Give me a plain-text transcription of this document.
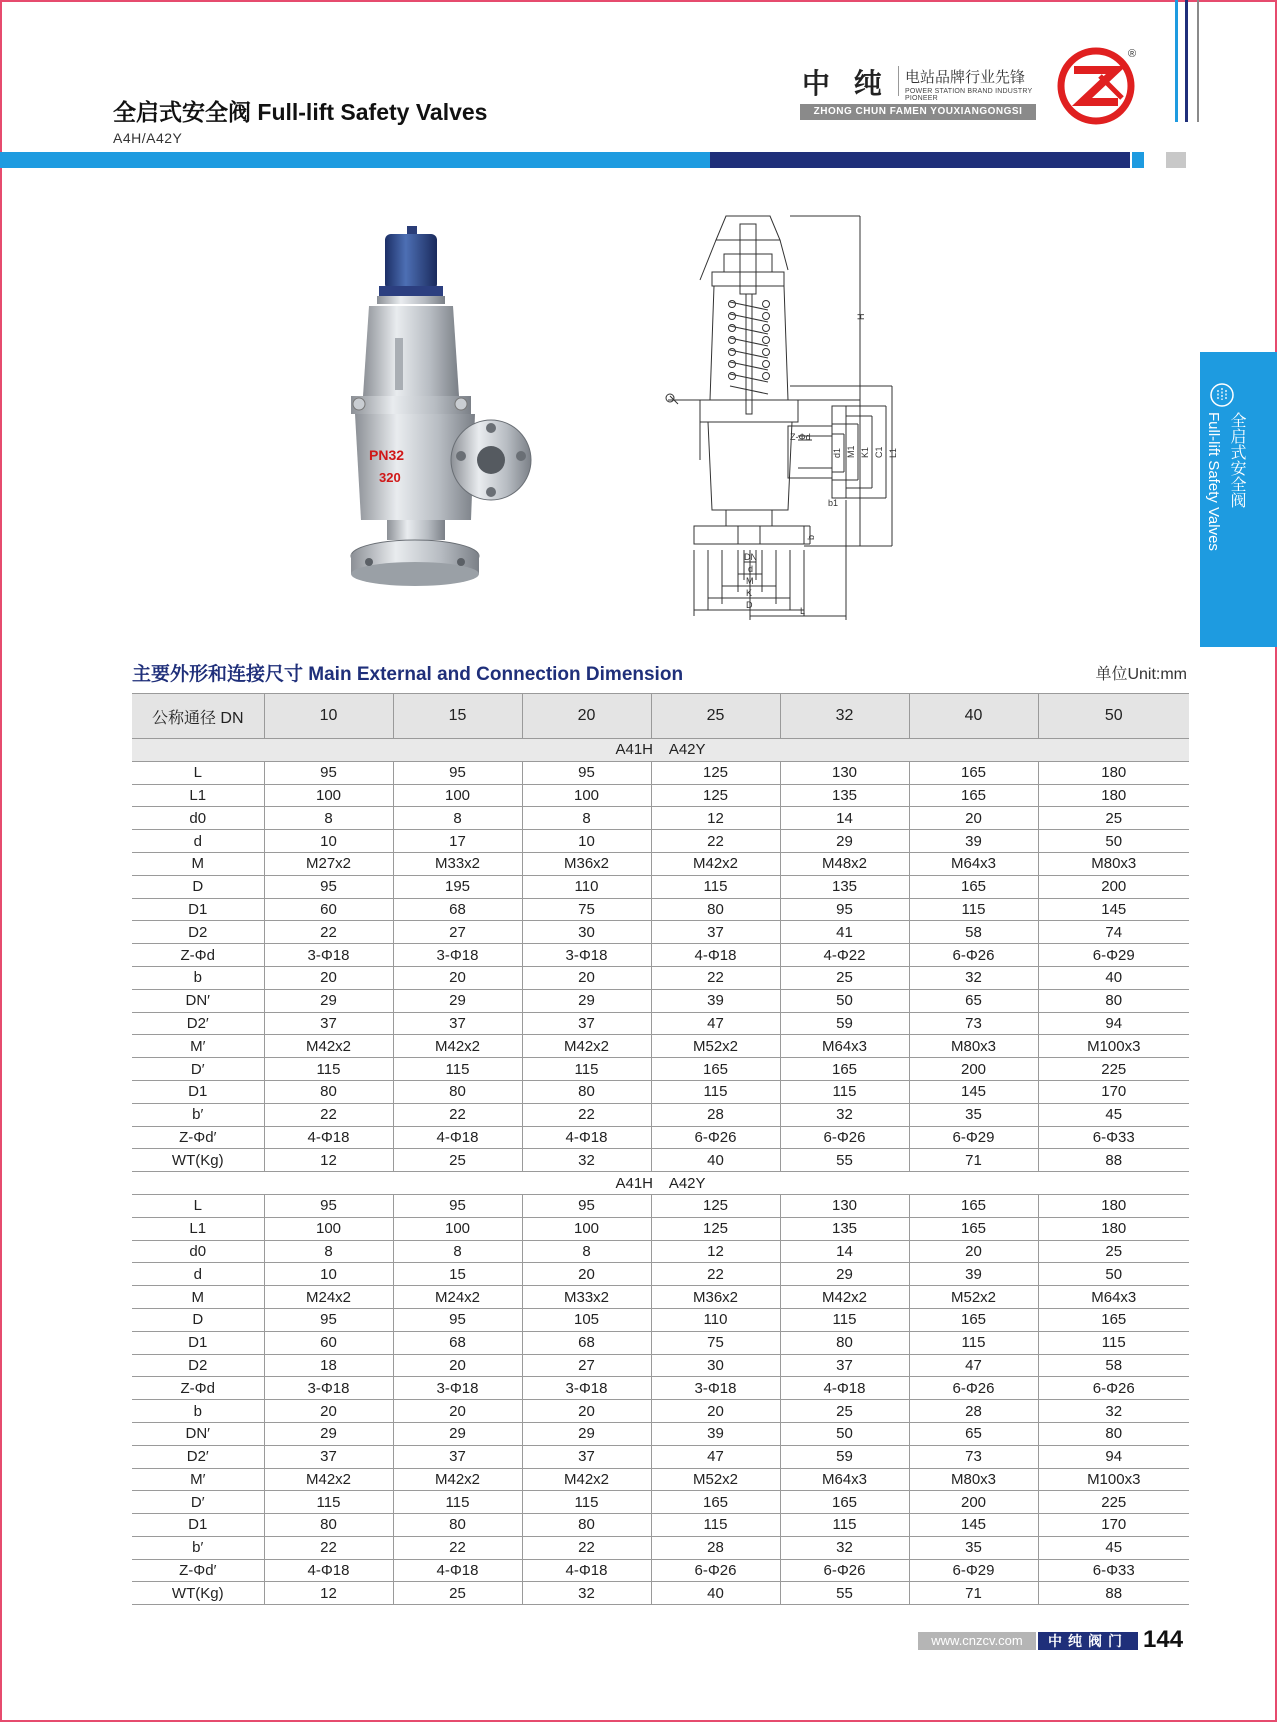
全启式安全阀 Full-lift Safety Valves
A4H/A42Y
中 纯 电站品牌行业先锋
POWER STATION BRAND INDUSTRY PIONEER
ZHONG CHUN FAMEN YOUXIANGONGSI
®
全启式安全阀
Full-lift Safety Valves
PN32
320
H
L1
C1
K1
M1
d1
Z-Φd
b1
b
DN
d
M
K
D
L
主要外形和连接尺寸 Main External and Connection Dimension	单位Unit:mm
公称通径 DN	10	15	20	25	32	40	50
A41H    A42Y							
L	95	95	95	125	130	165	180
L1	100	100	100	125	135	165	180
d0	8	8	8	12	14	20	25
d	10	17	10	22	29	39	50
M	M27x2	M33x2	M36x2	M42x2	M48x2	M64x3	M80x3
D	95	195	110	115	135	165	200
D1	60	68	75	80	95	115	145
D2	22	27	30	37	41	58	74
Z-Φd	3-Φ18	3-Φ18	3-Φ18	4-Φ18	4-Φ22	6-Φ26	6-Φ29
b	20	20	20	22	25	32	40
DN′	29	29	29	39	50	65	80
D2′	37	37	37	47	59	73	94
M′	M42x2	M42x2	M42x2	M52x2	M64x3	M80x3	M100x3
D′	115	115	115	165	165	200	225
D1	80	80	80	115	115	145	170
b′	22	22	22	28	32	35	45
Z-Φd′	4-Φ18	4-Φ18	4-Φ18	6-Φ26	6-Φ26	6-Φ29	6-Φ33
WT(Kg)	12	25	32	40	55	71	88
A41H    A42Y							
L	95	95	95	125	130	165	180
L1	100	100	100	125	135	165	180
d0	8	8	8	12	14	20	25
d	10	15	20	22	29	39	50
M	M24x2	M24x2	M33x2	M36x2	M42x2	M52x2	M64x3
D	95	95	105	110	115	165	165
D1	60	68	68	75	80	115	115
D2	18	20	27	30	37	47	58
Z-Φd	3-Φ18	3-Φ18	3-Φ18	3-Φ18	4-Φ18	6-Φ26	6-Φ26
b	20	20	20	20	25	28	32
DN′	29	29	29	39	50	65	80
D2′	37	37	37	47	59	73	94
M′	M42x2	M42x2	M42x2	M52x2	M64x3	M80x3	M100x3
D′	115	115	115	165	165	200	225
D1	80	80	80	115	115	145	170
b′	22	22	22	28	32	35	45
Z-Φd′	4-Φ18	4-Φ18	4-Φ18	6-Φ26	6-Φ26	6-Φ29	6-Φ33
WT(Kg)	12	25	32	40	55	71	88
www.cnzcv.com	中纯阀门 144
